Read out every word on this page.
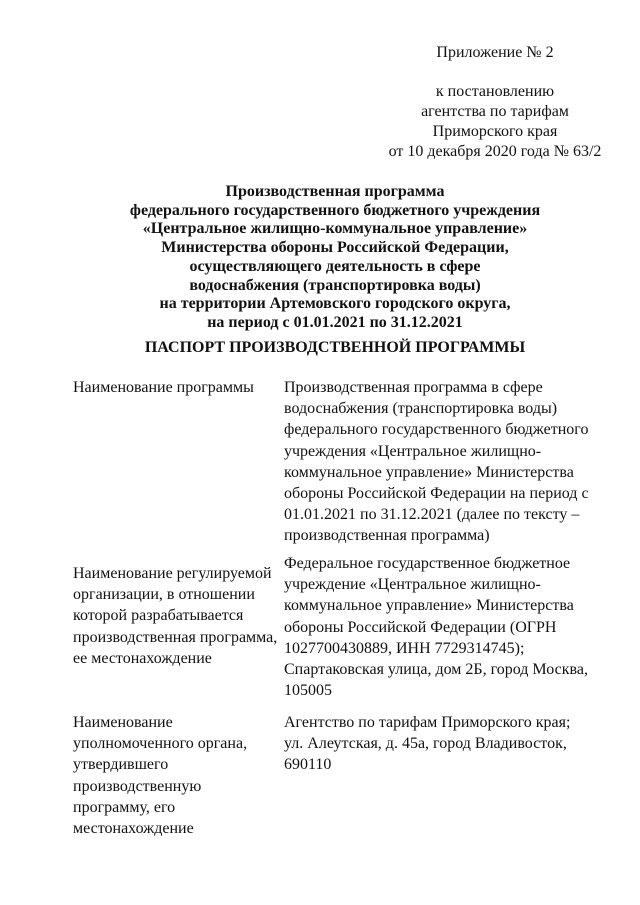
Приложение № 2
к постановлению
агентства по тарифам
Приморского края
от 10 декабря 2020 года № 63/2
Производственная программа
федерального государственного бюджетного учреждения
«Центральное жилищно-коммунальное управление»
Министерства обороны Российской Федерации,
осуществляющего деятельность в сфере
водоснабжения (транспортировка воды)
на территории Артемовского городского округа,
на период с 01.01.2021 по 31.12.2021
ПАСПОРТ ПРОИЗВОДСТВЕННОЙ ПРОГРАММЫ
Наименование программы	Производственная программа в сфере
водоснабжения (транспортировка воды)
федерального государственного бюджетного
учреждения «Центральное жилищно-
коммунальное управление» Министерства
обороны Российской Федерации на период с
01.01.2021 по 31.12.2021 (далее по тексту –
производственная программа)
Наименование регулируемой
организации, в отношении
которой разрабатывается
производственная программа,
ее местонахождение
Федеральное государственное бюджетное
учреждение «Центральное жилищно-
коммунальное управление» Министерства
обороны Российской Федерации (ОГРН
1027700430889, ИНН 7729314745);
Спартаковская улица, дом 2Б, город Москва,
105005
Наименование
уполномоченного органа,
утвердившего
производственную
программу, его
местонахождение
Агентство по тарифам Приморского края;
ул. Алеутская, д. 45а, город Владивосток,
690110
